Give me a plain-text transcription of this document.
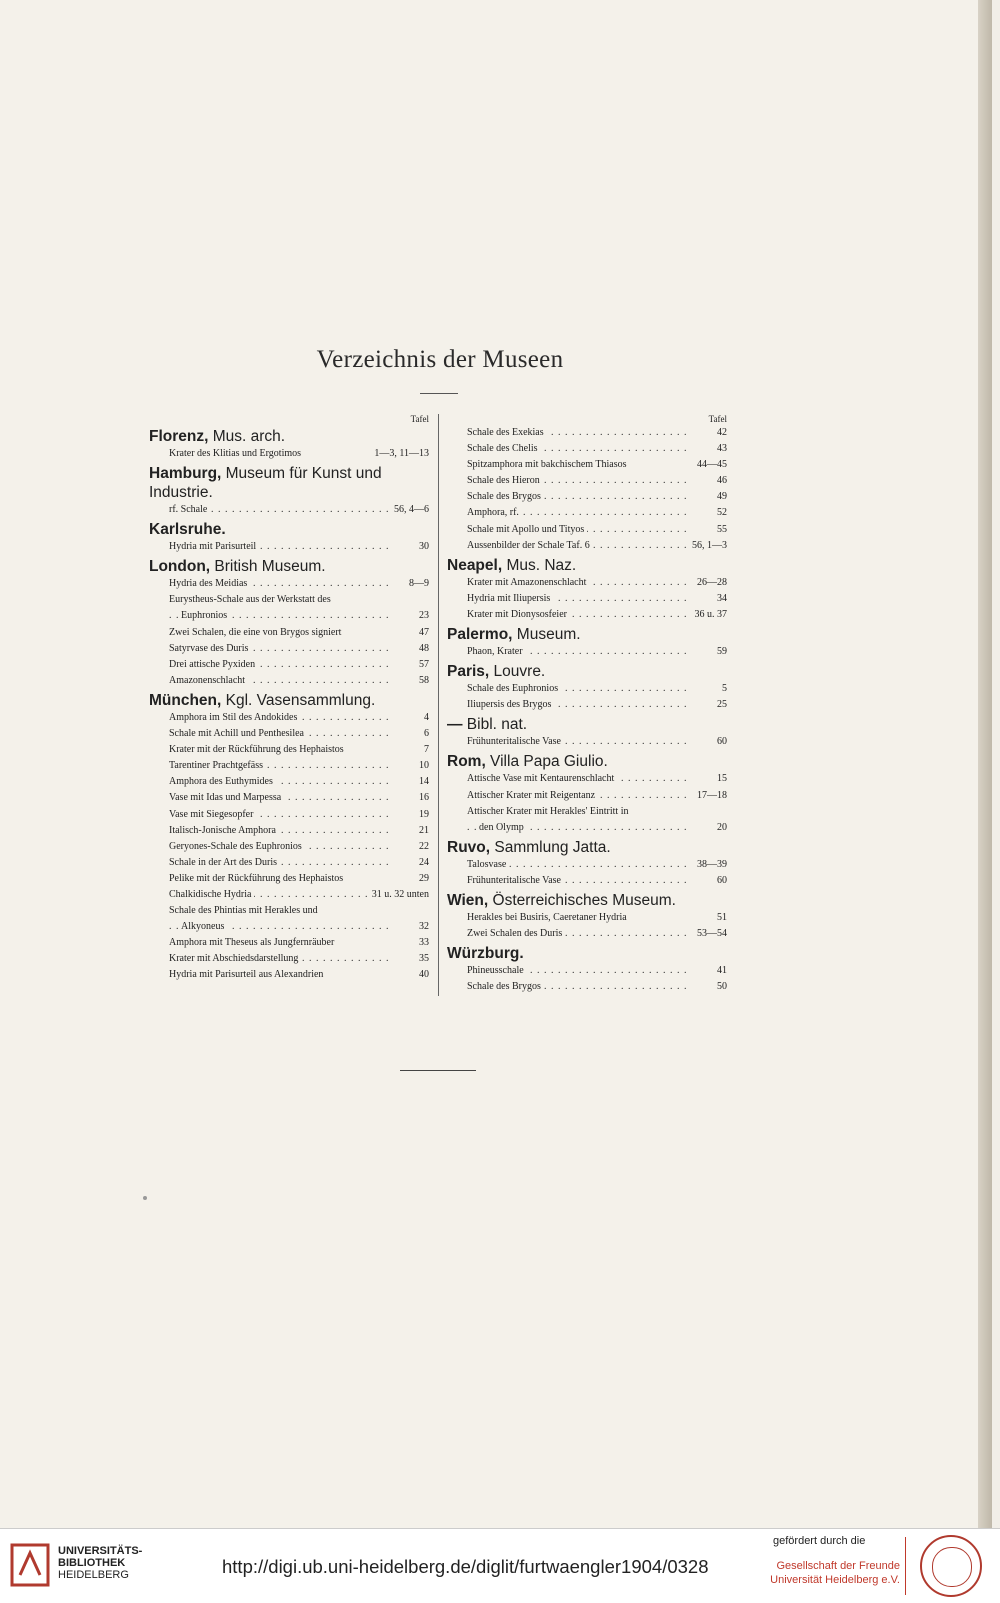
Verzeichnis der Museen
Tafel
Florenz, Mus. arch.
Krater des Klitias und Ergotimos	1—3, 11—13
Hamburg, Museum für Kunst und Industrie.
. . . rf. Schale	56, 4—6
Karlsruhe.
. . . Hydria mit Parisurteil	30
London, British Museum.
. . . Hydria des Meidias	8—9
Eurystheus-Schale aus der Werkstatt des
. . . Euphronios	23
Zwei Schalen, die eine von Brygos signiert	47
. . . Satyrvase des Duris	48
. . . Drei attische Pyxiden	57
. . . Amazonenschlacht	58
München, Kgl. Vasensammlung.
. . . Amphora im Stil des Andokides	4
. . . Schale mit Achill und Penthesilea	6
Krater mit der Rückführung des Hephaistos	7
. . . Tarentiner Prachtgefäss	10
. . . Amphora des Euthymides	14
. . . Vase mit Idas und Marpessa	16
. . . Vase mit Siegesopfer	19
. . . Italisch-Jonische Amphora	21
. . . Geryones-Schale des Euphronios	22
. . . Schale in der Art des Duris	24
Pelike mit der Rückführung des Hephaistos	29
. . . Chalkidische Hydria	31 u. 32 unten
Schale des Phintias mit Herakles und
. . . Alkyoneus	32
Amphora mit Theseus als Jungfernräuber	33
. . . Krater mit Abschiedsdarstellung	35
Hydria mit Parisurteil aus Alexandrien	40
Tafel
. . . Schale des Exekias	42
. . . Schale des Chelis	43
Spitzamphora mit bakchischem Thiasos	44—45
. . . Schale des Hieron	46
. . . Schale des Brygos	49
. . . Amphora, rf.	52
. . . Schale mit Apollo und Tityos	55
. . . Aussenbilder der Schale Taf. 6	56, 1—3
Neapel, Mus. Naz.
. . . Krater mit Amazonenschlacht	26—28
. . . Hydria mit Iliupersis	34
. . . Krater mit Dionysosfeier	36 u. 37
Palermo, Museum.
. . . Phaon, Krater	59
Paris, Louvre.
. . . Schale des Euphronios	5
. . . Iliupersis des Brygos	25
— Bibl. nat.
. . . Frühunteritalische Vase	60
Rom, Villa Papa Giulio.
. . . Attische Vase mit Kentaurenschlacht	15
. . . Attischer Krater mit Reigentanz	17—18
Attischer Krater mit Herakles' Eintritt in
. . . den Olymp	20
Ruvo, Sammlung Jatta.
. . . Talosvase	38—39
. . . Frühunteritalische Vase	60
Wien, Österreichisches Museum.
Herakles bei Busiris, Caeretaner Hydria	51
. . . Zwei Schalen des Duris	53—54
Würzburg.
. . . Phineusschale	41
. . . Schale des Brygos	50
UNIVERSITÄTS-
BIBLIOTHEK
HEIDELBERG	http://digi.ub.uni-heidelberg.de/diglit/furtwaengler1904/0328
gefördert durch die
Gesellschaft der Freunde
Universität Heidelberg e.V.
